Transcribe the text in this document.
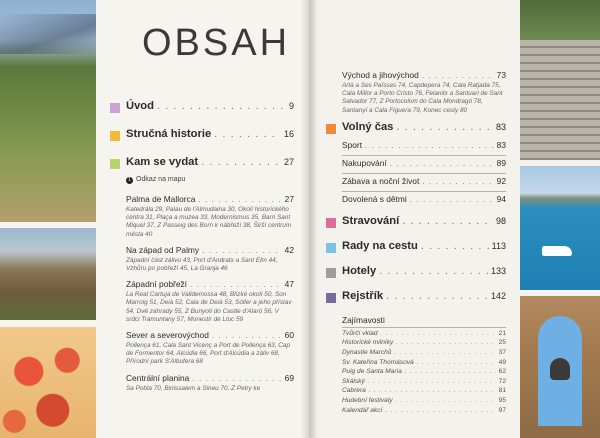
OBSAH
Úvod . . .	9
Stručná historie . . .	16
Kam se vydat . . .	27
1 Odkaz na mapu
Palma de Mallorca . . .	27
Katedrála 29, Palau de l'Almudaina 30, Okolí historického centra 31, Plaça a muzea 33, Modernismus 35, Barri Sant Miquel 37, Z Passeig des Born k nábřeží 38, Širší centrum města 40
Na západ od Palmy . . .	42
Západní část zálivu 43, Port d'Andratx a Sant Elm 44, Vzhůru po pobřeží 45, La Granja 46
Západní pobřeží . . .	47
La Real Cartuja de Valldemossa 48, Blízké okolí 50, Son Marroig 51, Deià 52, Cala de Deià 53, Sóller a jeho přístav 54, Dvě zahrady 55, Z Bunyolí do Castle d'Alaró 56, V srdci Tramuntany 57, Monestir de Lluc 59
Sever a severovýchod . . .	60
Pollença 61, Cala Sant Vicenç a Port de Pollença 63, Cap de Formentor 64, Alcúdia 66, Port d'Alcúdia a záliv 68, Přírodní park S'Albufera 68
Centrální planina . . .	69
Sa Pobla 70, Binissalem a Sineu 70, Z Petry ke
Východ a jihovýchod . . .	73
Artà a Ses Païsses 74, Capdepera 74, Cala Ratjada 75, Cala Millor a Porto Cristo 76, Felanitx a Santuari de Sant Salvador 77, Z Portocolom do Cala Mondragó 78, Santanyí a Cala Figuera 79, Konec cesty 80
Volný čas . . .	83
Sport . . .	83
Nakupování . . .	89
Zábava a noční život . . .	92
Dovolená s dětmi . . .	94
Stravování . . .	98
Rady na cestu . . .	113
Hotely . . .	133
Rejstřík . . .	142
Zajímavosti
Tvůrčí vklad . . .	21
Historické milníky . . .	25
Dynastie Marchů . . .	37
Sv. Kateřina Thomásová . . .	49
Puig de Santa Maria . . .	62
Skálský . . .	72
Cabrera . . .	81
Hudební festivaly . . .	95
Kalendář akcí . . .	97
